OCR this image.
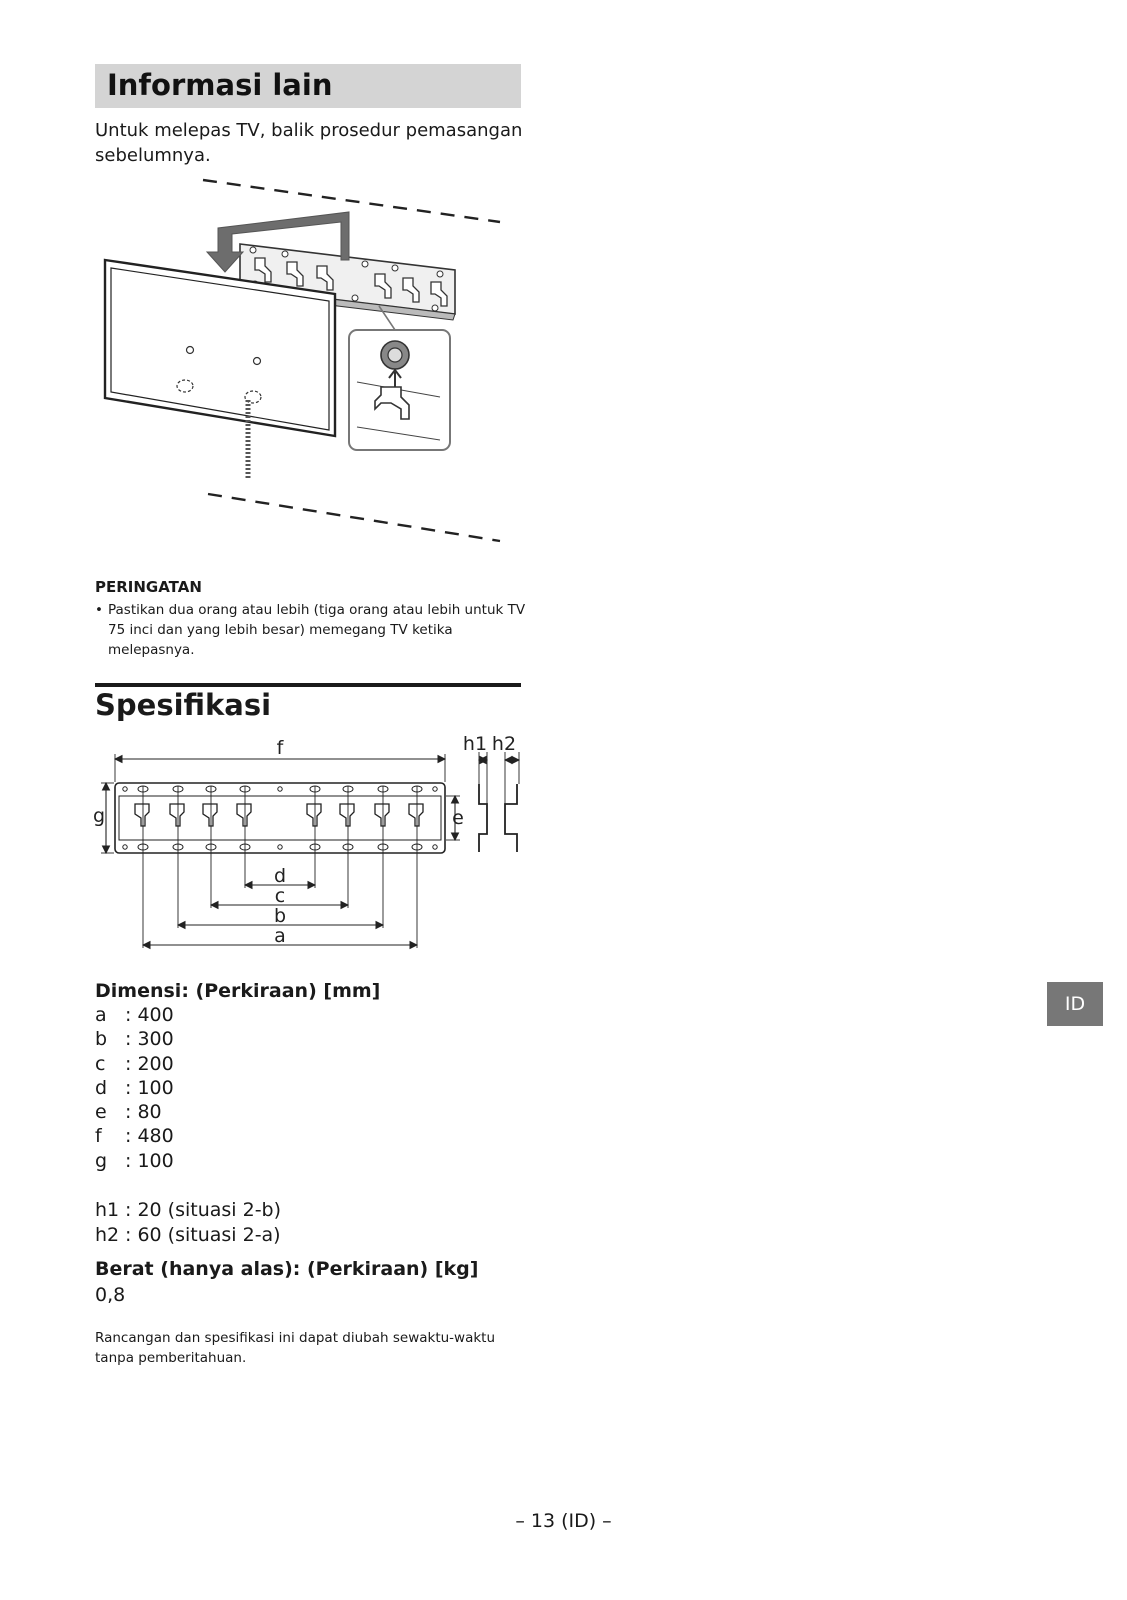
Informasi lain
Untuk melepas TV, balik prosedur pemasangan sebelumnya.
PERINGATAN
• Pastikan dua orang atau lebih (tiga orang atau lebih untuk TV 75 inci dan yang lebih besar) memegang TV ketika melepasnya.
Spesifikasi
f
g	e
d
c
b
a
h1 h2
Dimensi: (Perkiraan) [mm]
a : 400
b : 300
c : 200
d : 100
e : 80
f : 480
g : 100
h1 : 20 (situasi 2-b)
h2 : 60 (situasi 2-a)
Berat (hanya alas): (Perkiraan) [kg]
0,8
Rancangan dan spesifikasi ini dapat diubah sewaktu-waktu tanpa pemberitahuan.
ID
– 13 (ID) –
